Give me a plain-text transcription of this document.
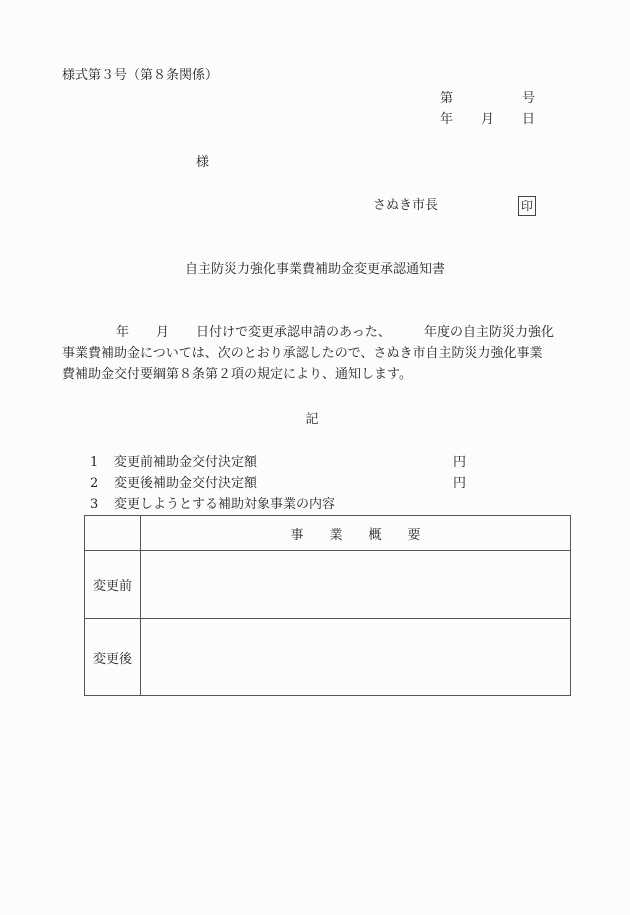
様式第３号（第８条関係）
第	号
年 月 日
様
さぬき市長	印
自主防災力強化事業費補助金変更承認通知書
年 月 日付けで変更承認申請のあった、	年度の自主防災力強化
事業費補助金については、次のとおり承認したので、さぬき市自主防災力強化事業
費補助金交付要綱第８条第２項の規定により、通知します。
記
1 変更前補助金交付決定額	円
2 変更後補助金交付決定額	円
3 変更しようとする補助対象事業の内容
	事 業 概 要
変更前	
変更後	
